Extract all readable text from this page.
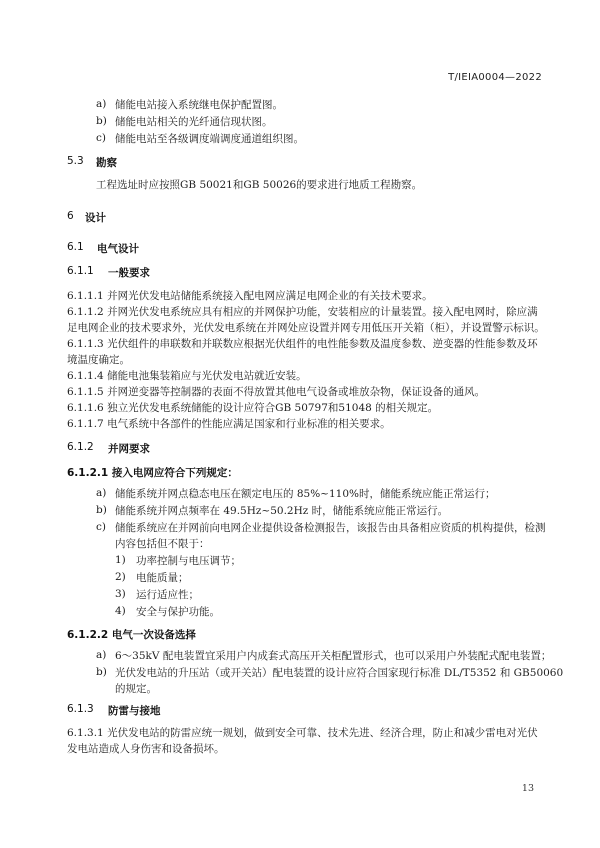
T/IEIA0004—2022
a) 储能电站接入系统继电保护配置图。
b) 储能电站相关的光纤通信现状图。
c) 储能电站至各级调度端调度通道组织图。
5.3 勘察
工程选址时应按照GB 50021和GB 50026的要求进行地质工程勘察。
6 设计
6.1 电气设计
6.1.1 一般要求
6.1.1.1 并网光伏发电站储能系统接入配电网应满足电网企业的有关技术要求。
6.1.1.2 并网光伏发电系统应具有相应的并网保护功能，安装相应的计量装置。接入配电网时，除应满
足电网企业的技术要求外，光伏发电系统在并网处应设置并网专用低压开关箱（柜），并设置警示标识。
6.1.1.3 光伏组件的串联数和并联数应根据光伏组件的电性能参数及温度参数、逆变器的性能参数及环
境温度确定。
6.1.1.4 储能电池集装箱应与光伏发电站就近安装。
6.1.1.5 并网逆变器等控制器的表面不得放置其他电气设备或堆放杂物，保证设备的通风。
6.1.1.6 独立光伏发电系统储能的设计应符合GB 50797和51048 的相关规定。
6.1.1.7 电气系统中各部件的性能应满足国家和行业标准的相关要求。
6.1.2 并网要求
6.1.2.1 接入电网应符合下列规定：
a) 储能系统并网点稳态电压在额定电压的 85%~110%时，储能系统应能正常运行；
b) 储能系统并网点频率在 49.5Hz~50.2Hz 时，储能系统应能正常运行。
c) 储能系统应在并网前向电网企业提供设备检测报告，该报告由具备相应资质的机构提供，检测
内容包括但不限于：
1) 功率控制与电压调节；
2) 电能质量；
3) 运行适应性；
4) 安全与保护功能。
6.1.2.2 电气一次设备选择
a) 6～35kV 配电装置宜采用户内成套式高压开关柜配置形式，也可以采用户外装配式配电装置；
b) 光伏发电站的升压站（或开关站）配电装置的设计应符合国家现行标准 DL/T5352 和 GB50060
的规定。
6.1.3 防雷与接地
6.1.3.1 光伏发电站的防雷应统一规划，做到安全可靠、技术先进、经济合理，防止和减少雷电对光伏
发电站造成人身伤害和设备损坏。
13
